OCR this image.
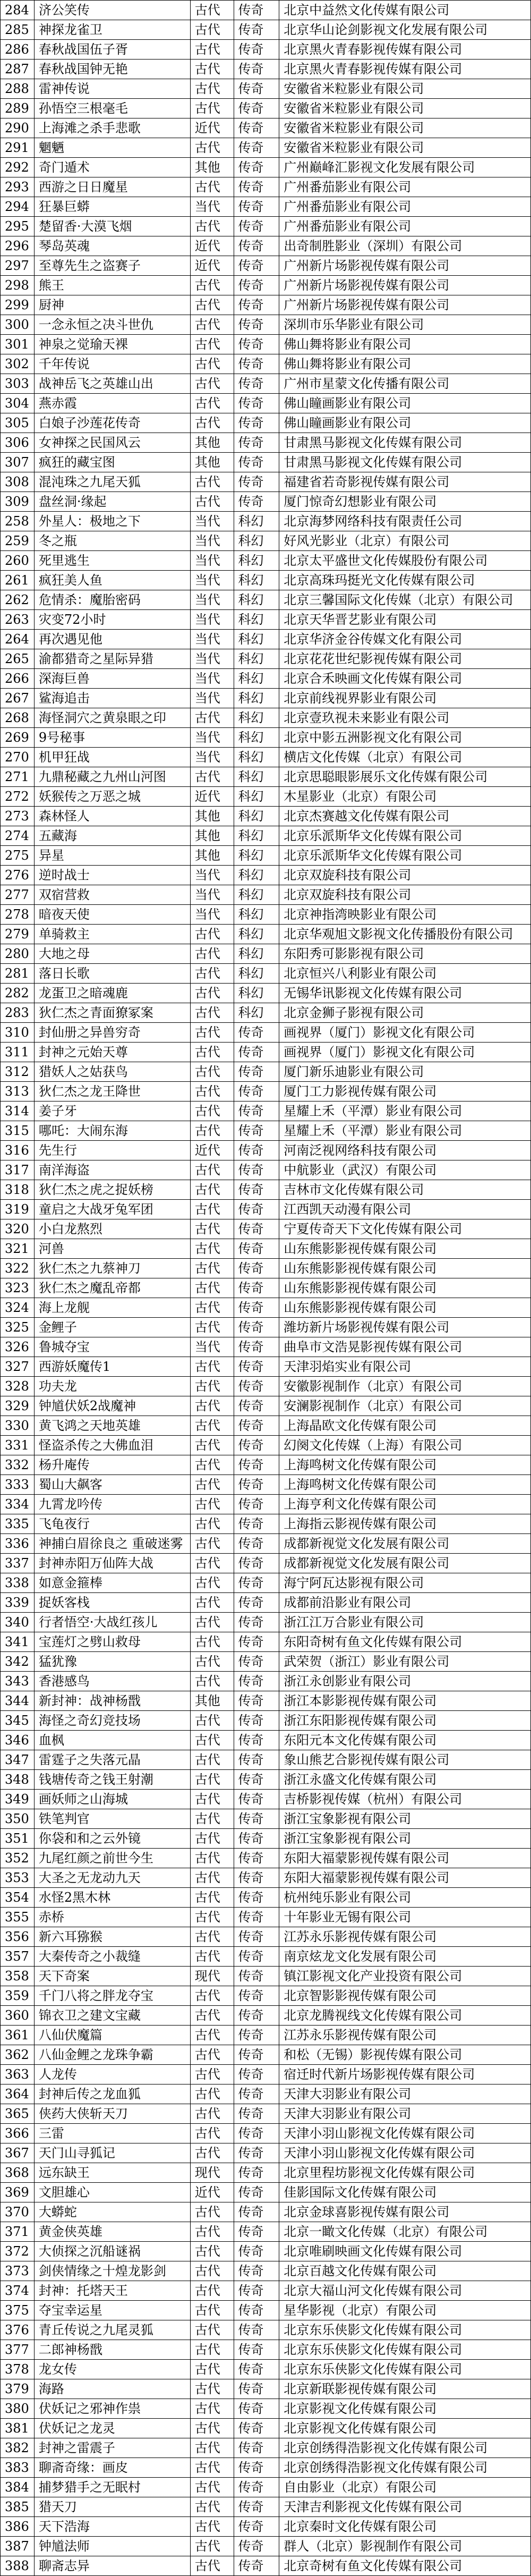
284	济公笑传	古代	传奇	北京中益然文化传媒有限公司
285	神探龙雀卫	古代	传奇	北京华山论剑影视文化发展有限公司
286	春秋战国伍子胥	古代	传奇	北京黑火青春影视传媒有限公司
287	春秋战国钟无艳	古代	传奇	北京黑火青春影视传媒有限公司
288	雷神传说	古代	传奇	安徽省米粒影业有限公司
289	孙悟空三根毫毛	古代	传奇	安徽省米粒影业有限公司
290	上海滩之杀手悲歌	近代	传奇	安徽省米粒影业有限公司
291	魍魉	古代	传奇	安徽省米粒影业有限公司
292	奇门遁术	其他	传奇	广州巅峰汇影视文化发展有限公司
293	西游之日日魔星	古代	传奇	广州番茄影业有限公司
294	狂暴巨蟒	当代	传奇	广州番茄影业有限公司
295	楚留香·大漠飞烟	古代	传奇	广州番茄影业有限公司
296	琴岛英魂	近代	传奇	出奇制胜影业（深圳）有限公司
297	至尊先生之盗赛子	近代	传奇	广州新片场影视传媒有限公司
298	熊王	古代	传奇	广州新片场影视传媒有限公司
299	厨神	古代	传奇	广州新片场影视传媒有限公司
300	一念永恒之决斗世仇	古代	传奇	深圳市乐华影业有限公司
301	神泉之觉瑜天裸	古代	传奇	佛山舞将影业有限公司
302	千年传说	古代	传奇	佛山舞将影业有限公司
303	战神岳飞之英雄山出	古代	传奇	广州市星蒙文化传播有限公司
304	燕赤霞	古代	传奇	佛山瞳画影业有限公司
305	白娘子沙莲花传奇	古代	传奇	佛山瞳画影业有限公司
306	女神探之民国风云	其他	传奇	甘肃黑马影视文化传媒有限公司
307	疯狂的藏宝图	其他	传奇	甘肃黑马影视文化传媒有限公司
308	混沌珠之九尾天狐	古代	传奇	福建省若奇影视传媒有限公司
309	盘丝洞·缘起	古代	传奇	厦门惊奇幻想影业有限公司
258	外星人：极地之下	当代	科幻	北京海梦网络科技有限责任公司
259	冬之瓶	当代	科幻	好风光影业（北京）有限公司
260	死里逃生	当代	科幻	北京太平盛世文化传媒股份有限公司
261	疯狂美人鱼	当代	科幻	北京高珠玛挺光文化传媒有限公司
262	危情杀：魔胎密码	当代	科幻	北京三馨国际文化传媒（北京）有限公司
263	灾变72小时	当代	科幻	北京天华晋艺影业有限公司
264	再次遇见他	当代	科幻	北京华济金谷传媒文化有限公司
265	渝都猎奇之星际异猎	当代	科幻	北京花花世纪影视传媒有限公司
266	深海巨兽	当代	科幻	北京合禾映画文化传媒有限公司
267	鲨海追击	当代	科幻	北京前线视界影业有限公司
268	海怪洞穴之黄泉眼之印	古代	科幻	北京壹玖视未来影业有限公司
269	9号秘事	当代	科幻	北京中影五洲影视文化有限公司
270	机甲狂战	当代	科幻	横店文化传媒（北京）有限公司
271	九鼎秘藏之九州山河图	古代	科幻	北京思聪眼影展乐文化传媒有限公司
272	妖猴传之万恶之城	近代	科幻	木星影业（北京）有限公司
273	森林怪人	其他	科幻	北京杰赛越文化传媒有限公司
274	五藏海	其他	科幻	北京乐派斯华文化传媒有限公司
275	异星	其他	科幻	北京乐派斯华文化传媒有限公司
276	逆时战士	当代	科幻	北京双旋科技有限公司
277	双宿营救	当代	科幻	北京双旋科技有限公司
278	暗夜天使	当代	科幻	北京神指湾映影业有限公司
279	单骑救主	古代	科幻	北京华观旭文影视文化传播股份有限公司
280	大地之母	古代	科幻	东阳秀可影影视有限公司
281	落日长歌	古代	科幻	北京恒兴八利影业有限公司
282	龙蛋卫之暗魂鹿	古代	科幻	无锡华讯影视文化传媒有限公司
283	狄仁杰之青面獠冢案	古代	科幻	北京金狮子影视有限公司
310	封仙册之异兽穷奇	古代	传奇	画视界（厦门）影视文化有限公司
311	封神之元始天尊	古代	传奇	画视界（厦门）影视文化有限公司
312	猎妖人之姑获鸟	古代	传奇	厦门新乐迪影业有限公司
313	狄仁杰之龙王降世	古代	传奇	厦门工力影视传媒有限公司
314	姜子牙	古代	传奇	星耀上禾（平潭）影业有限公司
315	哪吒：大闹东海	古代	传奇	星耀上禾（平潭）影业有限公司
316	先生行	近代	传奇	河南泛视网络科技有限公司
317	南洋海盗	古代	传奇	中航影业（武汉）有限公司
318	狄仁杰之虎之捉妖榜	古代	传奇	吉林市文化传媒有限公司
319	童启之大战牙兔军团	古代	传奇	江西凯天动漫有限公司
320	小白龙熬烈	古代	传奇	宁夏传奇天下文化传媒有限公司
321	河兽	古代	传奇	山东熊影影视传媒有限公司
322	狄仁杰之九蔡神刀	古代	传奇	山东熊影影视传媒有限公司
323	狄仁杰之魔乱帝都	古代	传奇	山东熊影影视传媒有限公司
324	海上龙舰	古代	传奇	山东熊影影视传媒有限公司
325	金鲤子	古代	传奇	潍坊新片场影视传媒有限公司
326	鲁城夺宝	当代	传奇	曲阜市文浩晃影视传媒有限公司
327	西游妖魔传1	古代	传奇	天津羽焰实业有限公司
328	功夫龙	古代	传奇	安徽影视制作（北京）有限公司
329	钟馗伏妖2战魔神	古代	传奇	安澜影视制作（北京）有限公司
330	黄飞鸿之天地英雄	古代	传奇	上海晶欧文化传媒有限公司
331	怪盗杀传之大佛血泪	古代	传奇	幻阕文化传媒（上海）有限公司
332	杨升庵传	古代	传奇	上海鸣树文化传媒有限公司
333	蜀山大飙客	古代	传奇	上海鸣树文化传媒有限公司
334	九霄龙吟传	古代	传奇	上海亨利文化传媒有限公司
335	飞龟夜行	古代	传奇	上海指云影视传媒有限公司
336	神捕白眉徐良之 重破迷雾	古代	传奇	成都新视觉文化发展有限公司
337	封神赤阳万仙阵大战	古代	传奇	成都新视觉文化发展有限公司
338	如意金箍棒	古代	传奇	海宁阿瓦达影视有限公司
339	捉妖客栈	古代	传奇	成都前沿影业有限公司
340	行者悟空·大战红孩儿	古代	传奇	浙江江万合影业有限公司
341	宝莲灯之劈山救母	古代	传奇	东阳奇树有鱼文化传媒有限公司
342	猛犹豫	古代	传奇	武荣贺（浙江）影业有限公司
343	香港感鸟	古代	传奇	浙江永创影业有限公司
344	新封神：战神杨戬	其他	传奇	浙江本影影视传媒有限公司
345	海怪之奇幻竞技场	古代	传奇	浙江东阳影视传媒有限公司
346	血枫	古代	传奇	东阳元本文化传媒有限公司
347	雷霆子之失落元晶	古代	传奇	象山熊艺合影视传媒有限公司
348	钱塘传奇之钱王射潮	古代	传奇	浙江永盛文化传媒有限公司
349	画妖师之山海城	古代	传奇	吉桥影视传媒（杭州）有限公司
350	铁笔判官	古代	传奇	浙江宝象影视有限公司
351	你袋和和之云外镜	古代	传奇	浙江宝象影视有限公司
352	九尾红颜之前世今生	古代	传奇	东阳大福蒙影视传媒有限公司
353	大圣之无龙动九天	古代	传奇	东阳大福蒙影视传媒有限公司
354	水怪2黑木林	古代	传奇	杭州纯乐影业有限公司
355	赤桥	古代	传奇	十年影业无锡有限公司
356	新六耳猕猴	古代	传奇	江苏永乐影视传媒有限公司
357	大秦传奇之小裁缝	古代	传奇	南京炫龙文化发展有限公司
358	天下奇案	现代	传奇	镇江影视文化产业投资有限公司
359	千门八将之胖龙夺宝	古代	传奇	北京智影影视传媒有限公司
360	锦衣卫之建文宝藏	古代	传奇	北京龙腾视线文化传媒有限公司
361	八仙伏魔篇	古代	传奇	江苏永乐影视传媒有限公司
362	八仙金鲤之龙珠争霸	古代	传奇	和松（无锡）影视传媒有限公司
363	人龙传	古代	传奇	宿迁时代新片场影视传媒有限公司
364	封神后传之龙血狐	古代	传奇	天津大羽影业有限公司
365	侠药大侠斩天刀	古代	传奇	天津大羽影业有限公司
366	三雷	古代	传奇	天津小羽山影视文化传媒有限公司
367	天门山寻狐记	古代	传奇	天津小羽山影视文化传媒有限公司
368	远东缺王	现代	传奇	北京里程坊影视文化传媒有限公司
369	文胆雄心	近代	传奇	佳影国际文化传媒有限公司
370	大蟒蛇	古代	传奇	北京金球喜影视传媒有限公司
371	黄金侠英雄	古代	传奇	北京一瞰文化传媒（北京）有限公司
372	大侦探之沉船谜祸	古代	传奇	北京唯刷映画文化传媒有限公司
373	剑侠情缘之十煌龙影剑	古代	传奇	北京百越文化传媒有限公司
374	封神：托塔天王	古代	传奇	北京大福山河文化传媒有限公司
375	夺宝幸运星	古代	传奇	星华影视（北京）有限公司
376	青丘传说之九尾灵狐	古代	传奇	北京东乐侠影文化传媒有限公司
377	二郎神杨戬	古代	传奇	北京东乐侠影文化传媒有限公司
378	龙女传	古代	传奇	北京东乐侠影文化传媒有限公司
379	海路	古代	传奇	北京新联影视传媒有限公司
380	伏妖记之邪神作祟	古代	传奇	北京影视文化传媒有限公司
381	伏妖记之龙灵	古代	传奇	北京影视文化传媒有限公司
382	封神之雷震子	古代	传奇	北京创绣得浩影视文化传媒有限公司
383	聊斋奇缘：画皮	古代	传奇	北京创绣得浩影视文化传媒有限公司
384	捕梦猎手之无眠村	古代	传奇	自由影业（北京）有限公司
385	猎天刀	古代	传奇	天津吉利影视文化传媒有限公司
386	天下浩海	古代	传奇	北京秦时文化传媒有限公司
387	钟馗法师	古代	传奇	群人（北京）影视制作有限公司
388	聊斋志异	古代	传奇	北京奇树有鱼文化传媒有限公司
